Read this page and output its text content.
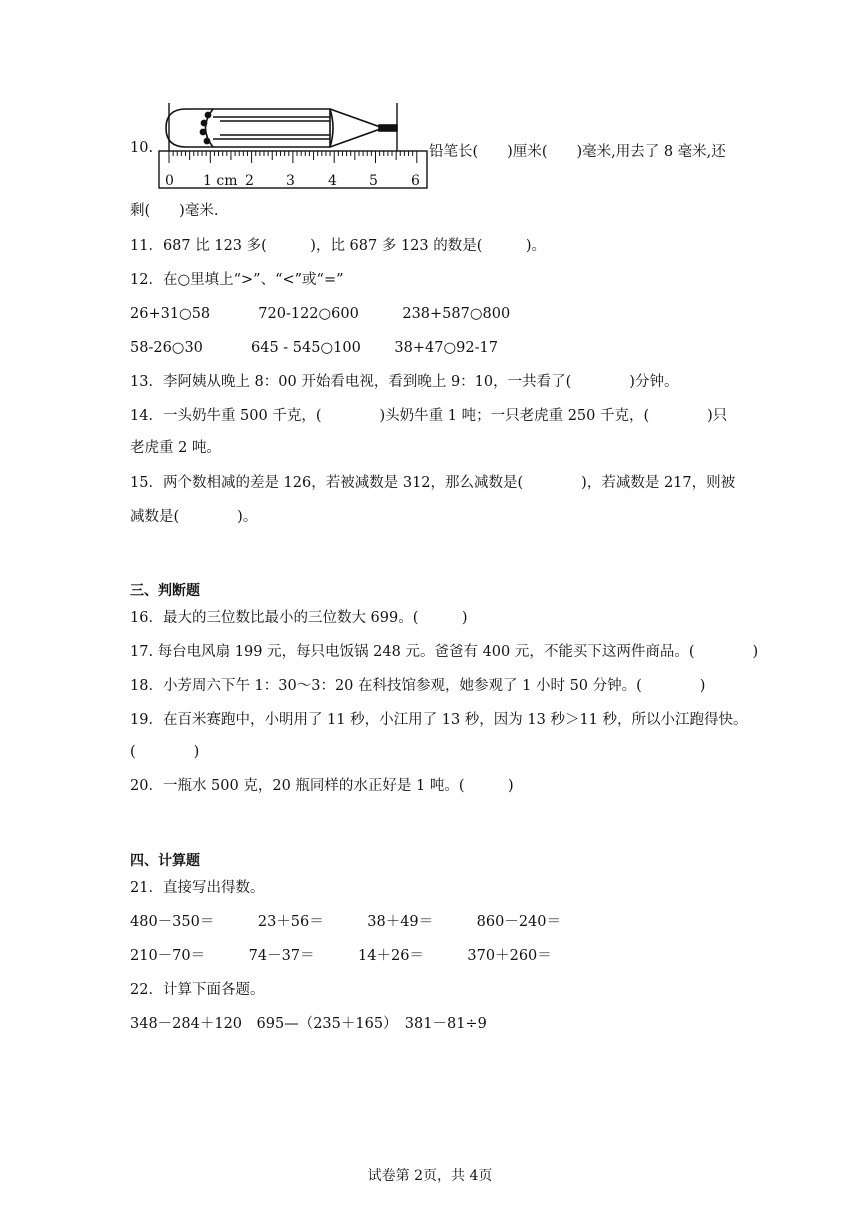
10.
0 1 cm 2 3 4 5 6
铅笔长(　　)厘米(　　)毫米,用去了 8 毫米,还
剩(　　)毫米.
11．687 比 123 多(　　　)，比 687 多 123 的数是(　　　)。
12．在○里填上“>”、“<”或“=”
26+31○58　　　 720-122○600　　　238+587○800
58-26○30　　　 645 - 545○100　　 38+47○92-17
13．李阿姨从晚上 8：00 开始看电视，看到晚上 9：10，一共看了(　　　　)分钟。
14．一头奶牛重 500 千克，(　　　　)头奶牛重 1 吨；一只老虎重 250 千克，(　　　　)只
老虎重 2 吨。
15．两个数相减的差是 126，若被减数是 312，那么减数是(　　　　)，若减数是 217，则被
减数是(　　　　)。
三、判断题
16．最大的三位数比最小的三位数大 699。(　　　)
17. 每台电风扇 199 元，每只电饭锅 248 元。爸爸有 400 元，不能买下这两件商品。(　　　　)
18．小芳周六下午 1：30～3：20 在科技馆参观，她参观了 1 小时 50 分钟。(　　　　)
19．在百米赛跑中，小明用了 11 秒，小江用了 13 秒，因为 13 秒＞11 秒，所以小江跑得快。
(　　　　)
20．一瓶水 500 克，20 瓶同样的水正好是 1 吨。(　　　)
四、计算题
21．直接写出得数。
480－350＝　　　23＋56＝　　　38＋49＝　　　860－240＝
210－70＝　　　74－37＝　　　14＋26＝　　　370＋260＝
22．计算下面各题。
348－284＋120　695—（235＋165）　381－81÷9
试卷第 2页，共 4页
